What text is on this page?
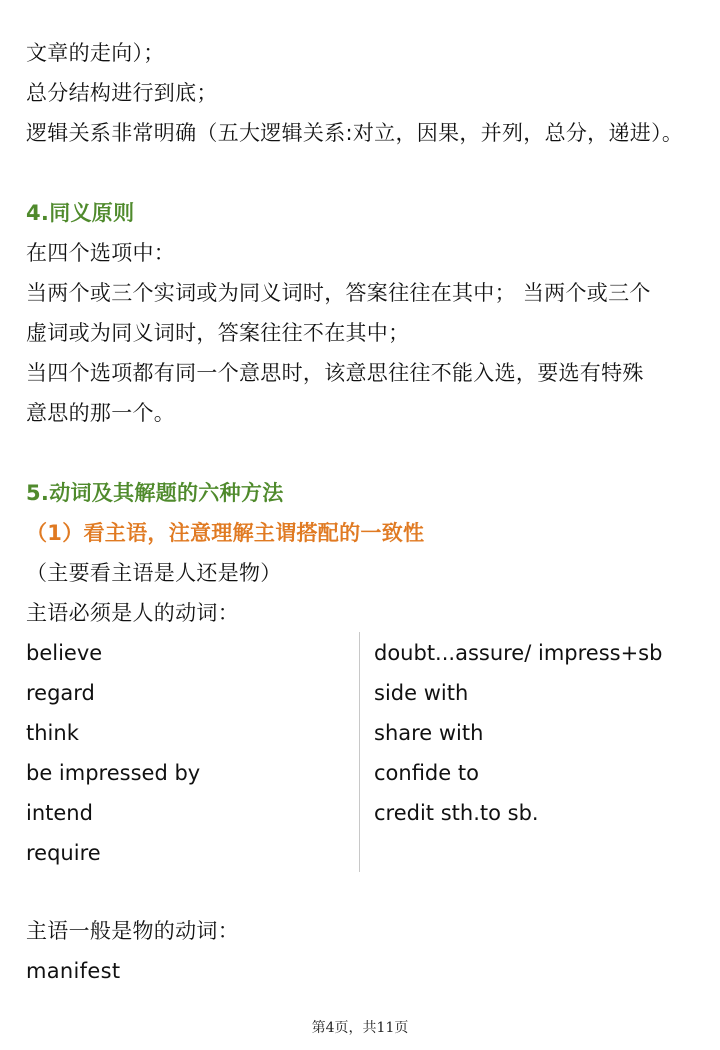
文章的走向）；
总分结构进行到底；
逻辑关系非常明确（五大逻辑关系:对立，因果，并列，总分，递进）。
4.同义原则
在四个选项中：
当两个或三个实词或为同义词时，答案往往在其中； 当两个或三个
虚词或为同义词时，答案往往不在其中；
当四个选项都有同一个意思时，该意思往往不能入选，要选有特殊
意思的那一个。
5.动词及其解题的六种方法
（1）看主语，注意理解主谓搭配的一致性
（主要看主语是人还是物）
主语必须是人的动词：
believe
regard
think
be impressed by
intend
require
doubt...assure/ impress+sb
side with
share with
confide to
credit sth.to sb.
主语一般是物的动词：
manifest
第4页，共11页
